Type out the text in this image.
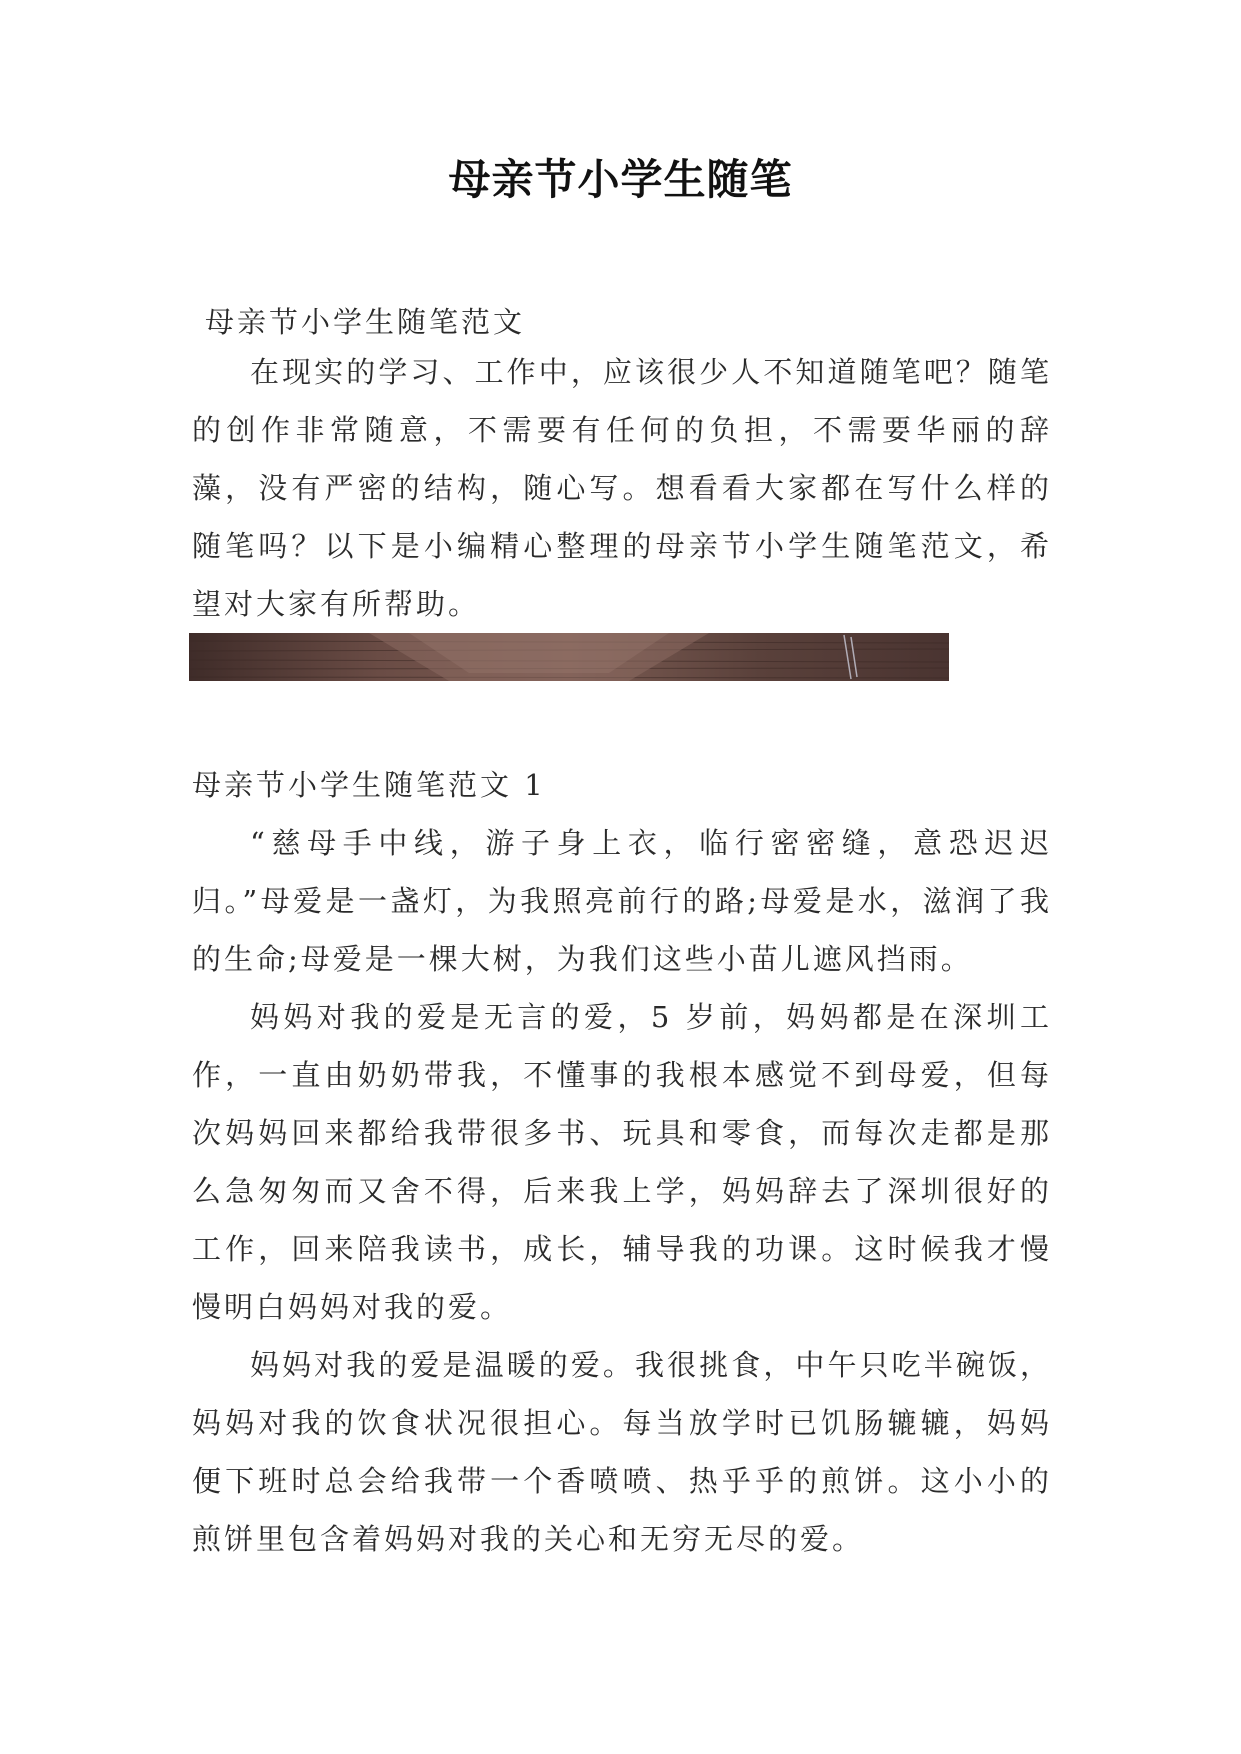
母亲节小学生随笔
母亲节小学生随笔范文

在现实的学习、工作中，应该很少人不知道随笔吧？随笔的创作非常随意，不需要有任何的负担，不需要华丽的辞藻，没有严密的结构，随心写。想看看大家都在写什么样的随笔吗？以下是小编精心整理的母亲节小学生随笔范文，希望对大家有所帮助。

母亲节小学生随笔范文 1

“慈母手中线，游子身上衣，临行密密缝，意恐迟迟归。”母爱是一盏灯，为我照亮前行的路;母爱是水，滋润了我的生命;母爱是一棵大树，为我们这些小苗儿遮风挡雨。

妈妈对我的爱是无言的爱，5 岁前，妈妈都是在深圳工作，一直由奶奶带我，不懂事的我根本感觉不到母爱，但每次妈妈回来都给我带很多书、玩具和零食，而每次走都是那么急匆匆而又舍不得，后来我上学，妈妈辞去了深圳很好的工作，回来陪我读书，成长，辅导我的功课。这时候我才慢慢明白妈妈对我的爱。

妈妈对我的爱是温暖的爱。我很挑食，中午只吃半碗饭，妈妈对我的饮食状况很担心。每当放学时已饥肠辘辘，妈妈便下班时总会给我带一个香喷喷、热乎乎的煎饼。这小小的煎饼里包含着妈妈对我的关心和无穷无尽的爱。
